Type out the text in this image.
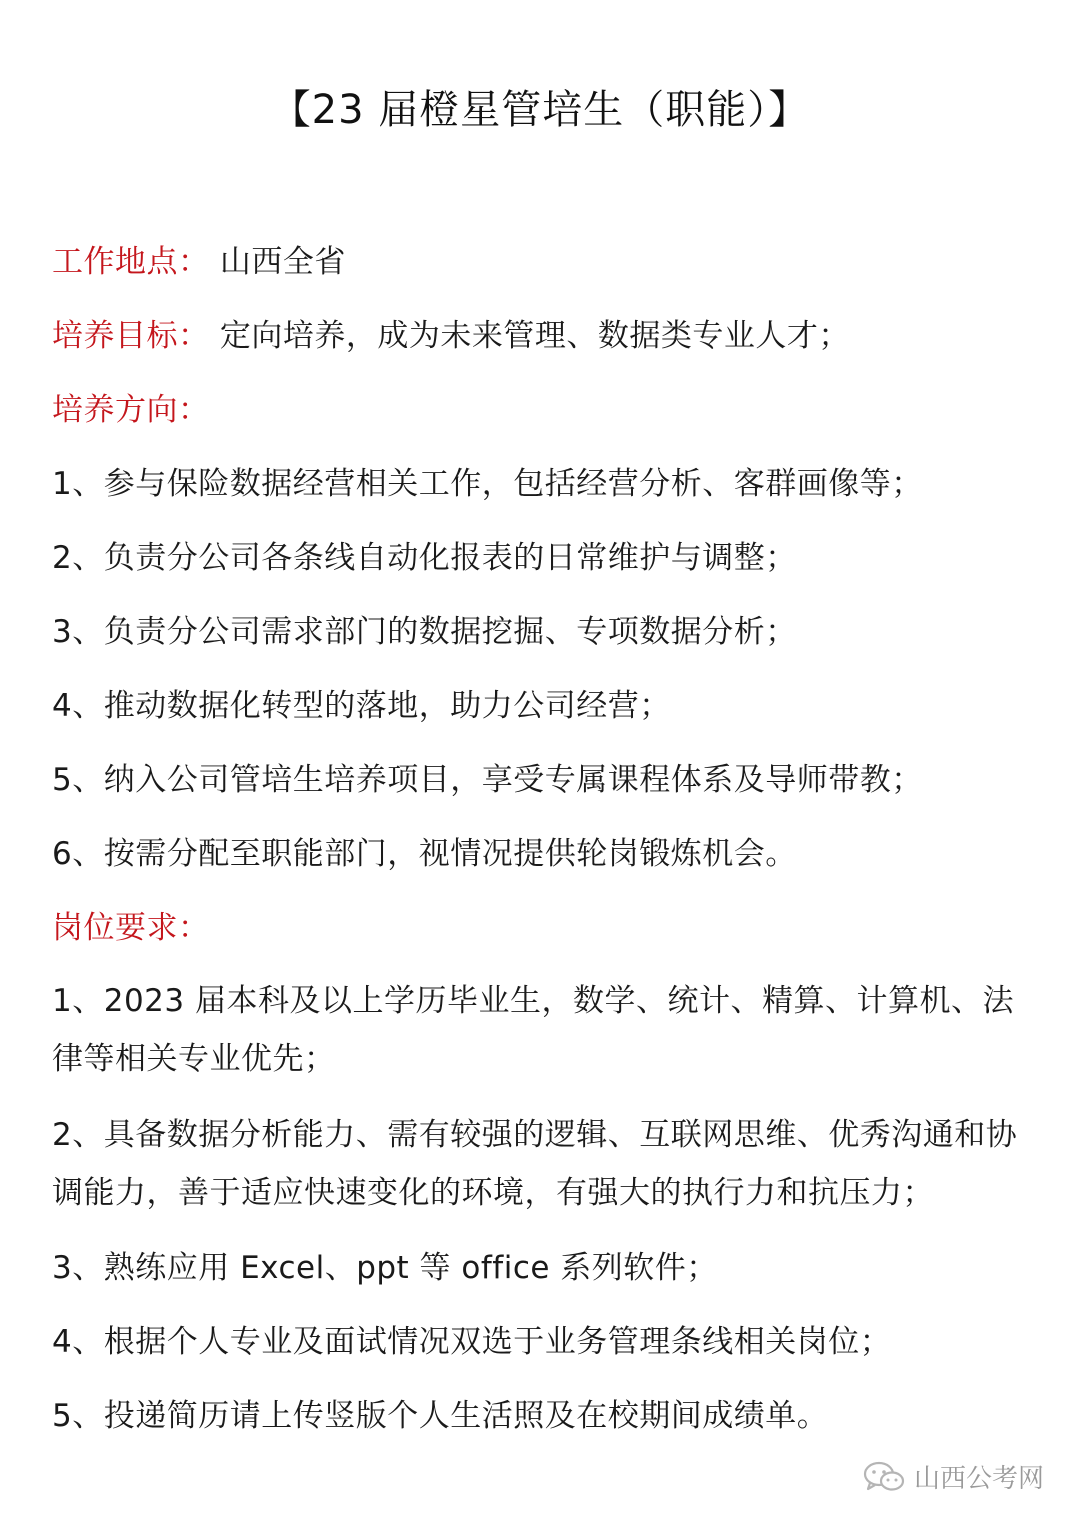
【23 届橙星管培生（职能）】
工作地点： 山西全省
培养目标： 定向培养，成为未来管理、数据类专业人才；
培养方向：
1、参与保险数据经营相关工作，包括经营分析、客群画像等；
2、负责分公司各条线自动化报表的日常维护与调整；
3、负责分公司需求部门的数据挖掘、专项数据分析；
4、推动数据化转型的落地，助力公司经营；
5、纳入公司管培生培养项目，享受专属课程体系及导师带教；
6、按需分配至职能部门，视情况提供轮岗锻炼机会。
岗位要求：
1、2023 届本科及以上学历毕业生，数学、统计、精算、计算机、法律等相关专业优先；
2、具备数据分析能力、需有较强的逻辑、互联网思维、优秀沟通和协调能力，善于适应快速变化的环境，有强大的执行力和抗压力；
3、熟练应用 Excel、ppt 等 office 系列软件；
4、根据个人专业及面试情况双选于业务管理条线相关岗位；
5、投递简历请上传竖版个人生活照及在校期间成绩单。
山西公考网
